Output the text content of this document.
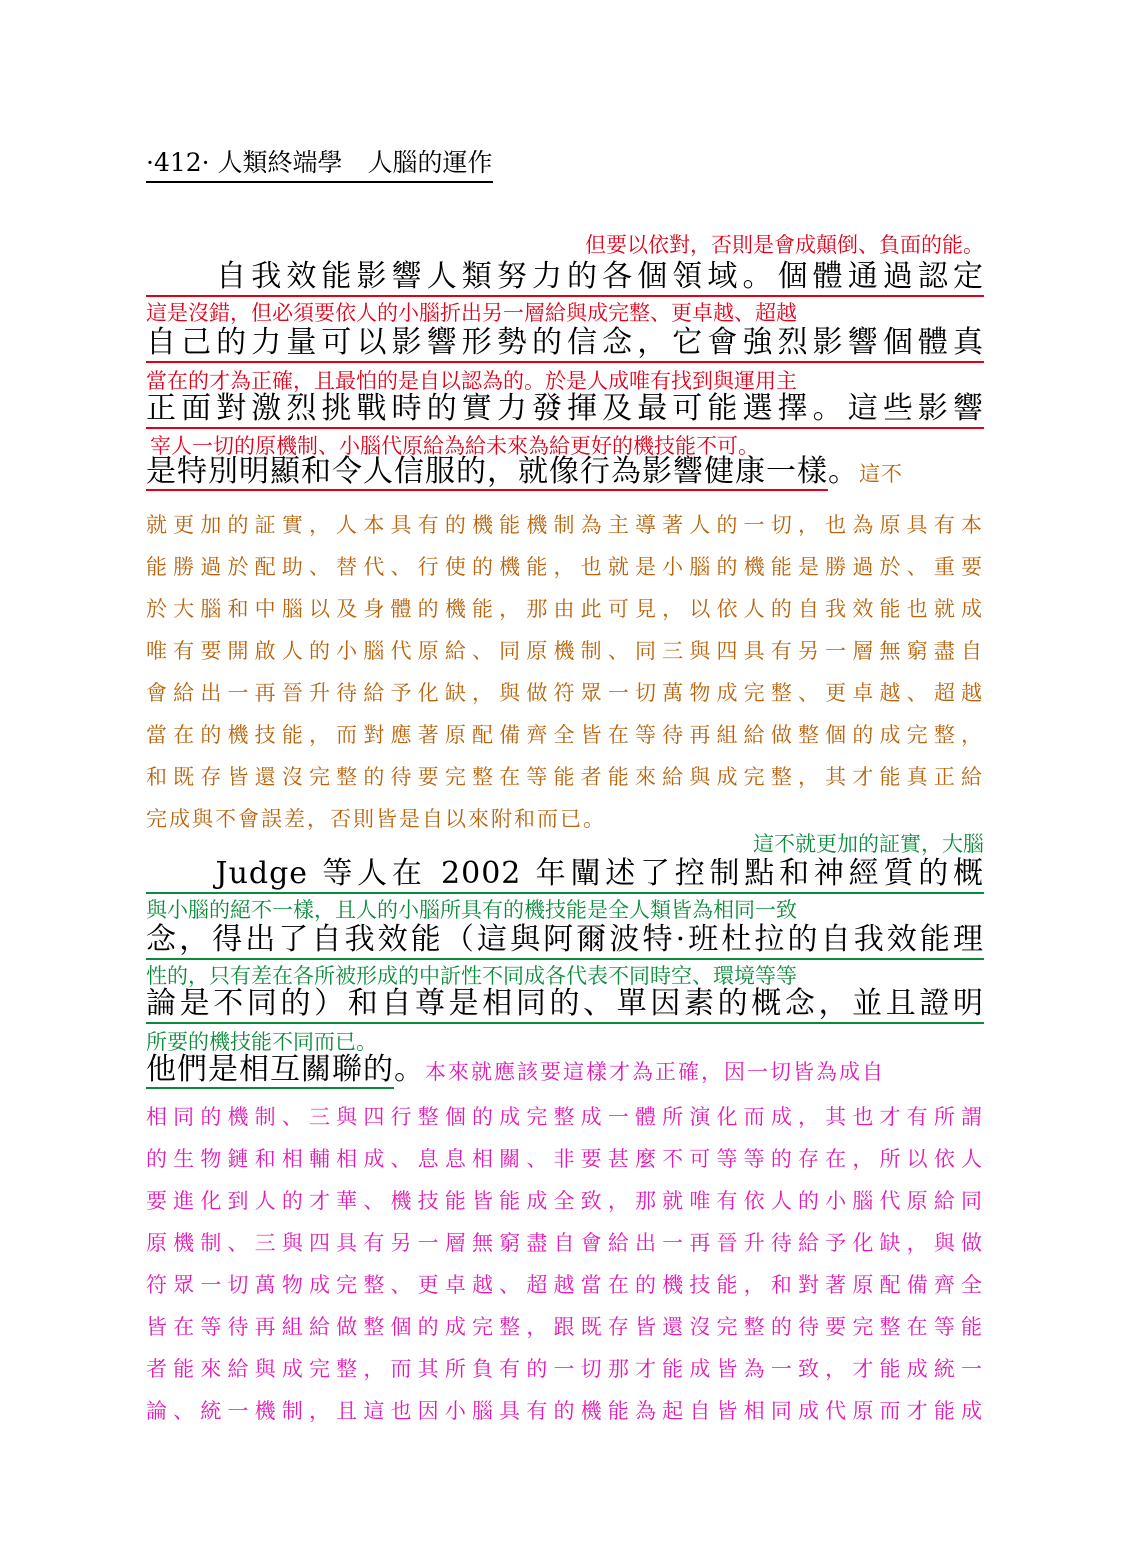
·412· 人類終端學　人腦的運作
但要以依對，否則是會成顛倒、負面的能。
　　自我效能影響人類努力的各個領域。個體通過認定
這是沒錯，但必須要依人的小腦折出另一層給與成完整、更卓越、超越
自己的力量可以影響形勢的信念，它會強烈影響個體真
當在的才為正確，且最怕的是自以認為的。於是人成唯有找到與運用主
正面對激烈挑戰時的實力發揮及最可能選擇。這些影響
宰人一切的原機制、小腦代原給為給未來為給更好的機技能不可。
是特別明顯和令人信服的，就像行為影響健康一樣。這不
就更加的証實，人本具有的機能機制為主導著人的一切，也為原具有本
能勝過於配助、替代、行使的機能，也就是小腦的機能是勝過於、重要
於大腦和中腦以及身體的機能，那由此可見，以依人的自我效能也就成
唯有要開啟人的小腦代原給、同原機制、同三與四具有另一層無窮盡自
會給出一再晉升待給予化缺，與做符眾一切萬物成完整、更卓越、超越
當在的機技能，而對應著原配備齊全皆在等待再組給做整個的成完整，
和既存皆還沒完整的待要完整在等能者能來給與成完整，其才能真正給
完成與不會誤差，否則皆是自以來附和而已。
這不就更加的証實，大腦
　　Judge 等人在 2002 年闡述了控制點和神經質的概
與小腦的絕不一樣，且人的小腦所具有的機技能是全人類皆為相同一致
念，得出了自我效能（這與阿爾波特·班杜拉的自我效能理
性的，只有差在各所被形成的中訢性不同成各代表不同時空、環境等等
論是不同的）和自尊是相同的、單因素的概念，並且證明
所要的機技能不同而已。
他們是相互關聯的。本來就應該要這樣才為正確，因一切皆為成自
相同的機制、三與四行整個的成完整成一體所演化而成，其也才有所謂
的生物鏈和相輔相成、息息相關、非要甚麼不可等等的存在，所以依人
要進化到人的才華、機技能皆能成全致，那就唯有依人的小腦代原給同
原機制、三與四具有另一層無窮盡自會給出一再晉升待給予化缺，與做
符眾一切萬物成完整、更卓越、超越當在的機技能，和對著原配備齊全
皆在等待再組給做整個的成完整，跟既存皆還沒完整的待要完整在等能
者能來給與成完整，而其所負有的一切那才能成皆為一致，才能成統一
論、統一機制，且這也因小腦具有的機能為起自皆相同成代原而才能成
